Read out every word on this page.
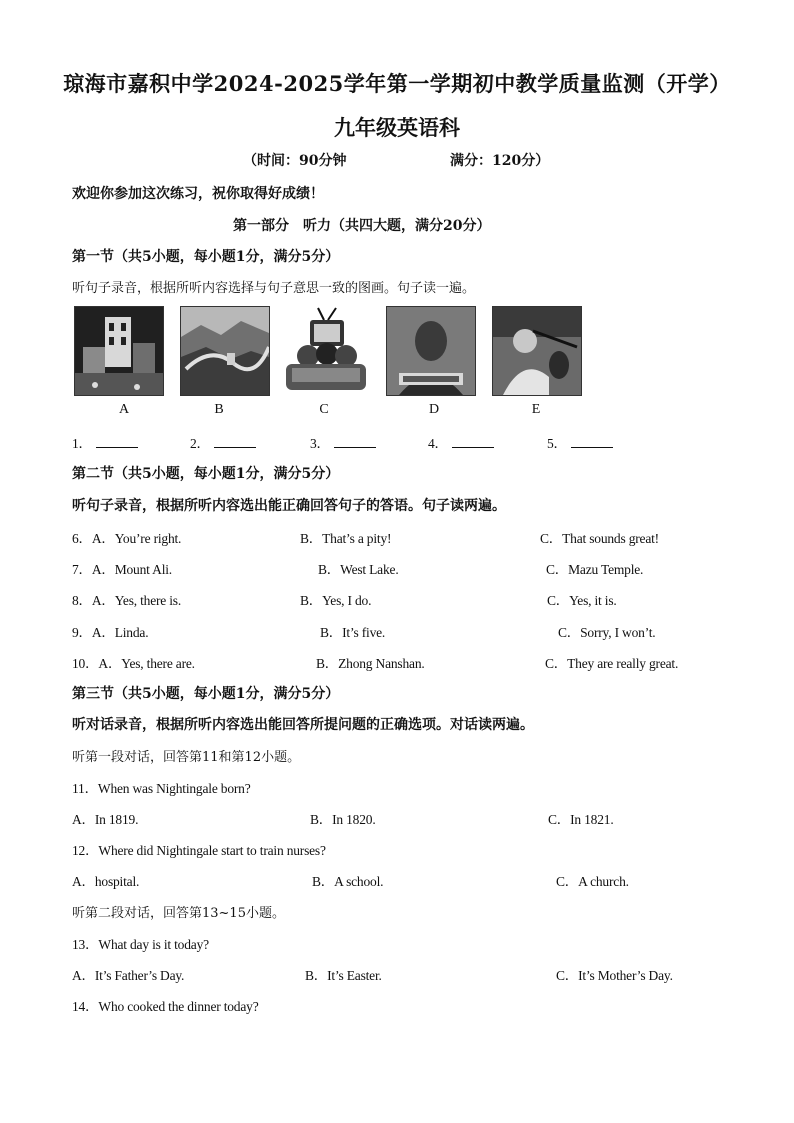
琼海市嘉积中学2024-2025学年第一学期初中教学质量监测（开学）
九年级英语科
（时间：90分钟	满分：120分）
欢迎你参加这次练习，祝你取得好成绩！
第一部分　听力（共四大题，满分20分）
第一节（共5小题，每小题1分，满分5分）
听句子录音，根据所听内容选择与句子意思一致的图画。句子读一遍。
A	B	C	D	E
1．	2．	3．	4．	5．
第二节（共5小题，每小题1分，满分5分）
听句子录音，根据所听内容选出能正确回答句子的答语。句子读两遍。
6．A．You’re right.	B．That’s a pity!	C．That sounds great!
7．A．Mount Ali.	B．West Lake.	C．Mazu Temple.
8．A．Yes, there is.	B．Yes, I do.	C．Yes, it is.
9．A．Linda.	B．It’s five.	C．Sorry, I won’t.
10．A．Yes, there are.	B．Zhong Nanshan.	C．They are really great.
第三节（共5小题，每小题1分，满分5分）
听对话录音，根据所听内容选出能回答所提问题的正确选项。对话读两遍。
听第一段对话，回答第11和第12小题。
11．When was Nightingale born?
A．In 1819.	B．In 1820.	C．In 1821.
12．Where did Nightingale start to train nurses?
A．hospital.	B．A school.	C．A church.
听第二段对话，回答第13~15小题。
13．What day is it today?
A．It’s Father’s Day.	B．It’s Easter.	C．It’s Mother’s Day.
14．Who cooked the dinner today?
